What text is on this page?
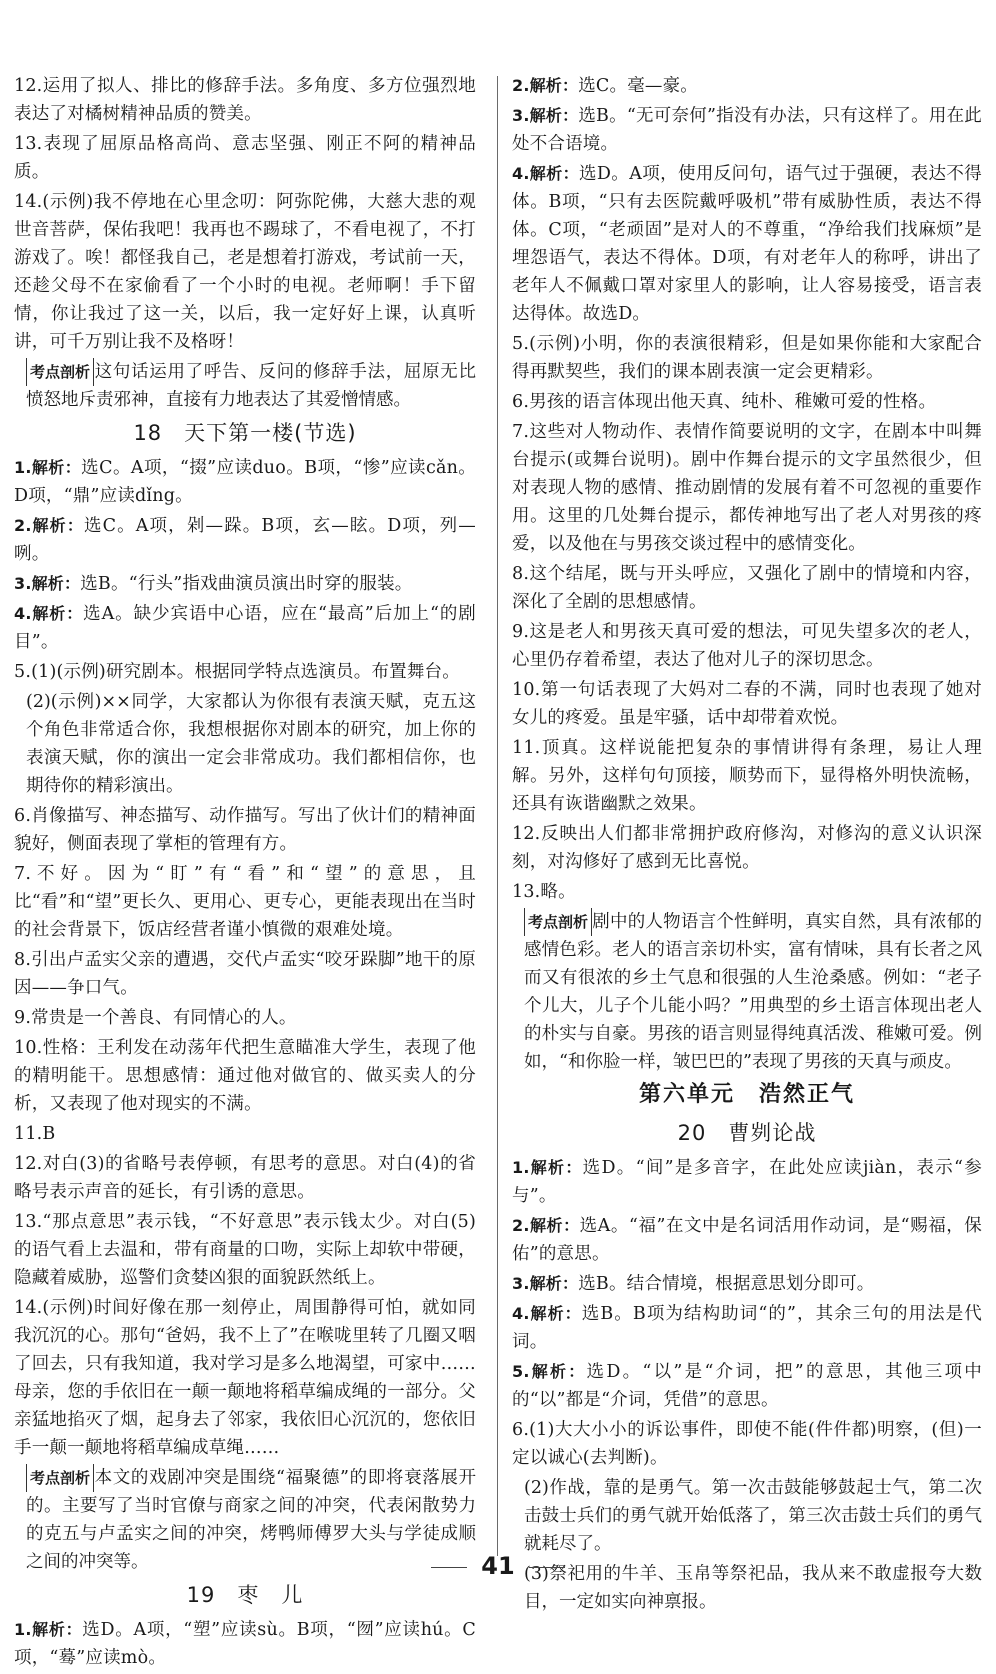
12.运用了拟人、排比的修辞手法。多角度、多方位强烈地表达了对橘树精神品质的赞美。

13.表现了屈原品格高尚、意志坚强、刚正不阿的精神品质。

14.(示例)我不停地在心里念叨：阿弥陀佛，大慈大悲的观世音菩萨，保佑我吧！我再也不踢球了，不看电视了，不打游戏了。唉！都怪我自己，老是想着打游戏，考试前一天，还趁父母不在家偷看了一个小时的电视。老师啊！手下留情，你让我过了这一关，以后，我一定好好上课，认真听讲，可千万别让我不及格呀！

考点剖析 这句话运用了呼告、反问的修辞手法，屈原无比愤怒地斥责邪神，直接有力地表达了其爱憎情感。

18　天下第一楼(节选)

1.解析：选C。A项，“掇”应读duo。B项，“惨”应读cǎn。D项，“鼎”应读dǐng。

2.解析：选C。A项，剁—跺。B项，玄—眩。D项，列—咧。

3.解析：选B。“行头”指戏曲演员演出时穿的服装。

4.解析：选A。缺少宾语中心语，应在“最高”后加上“的剧目”。

5.(1)(示例)研究剧本。根据同学特点选演员。布置舞台。

(2)(示例)××同学，大家都认为你很有表演天赋，克五这个角色非常适合你，我想根据你对剧本的研究，加上你的表演天赋，你的演出一定会非常成功。我们都相信你，也期待你的精彩演出。

6.肖像描写、神态描写、动作描写。写出了伙计们的精神面貌好，侧面表现了掌柜的管理有方。

7.不好。因为“盯”有“看”和“望”的意思，且比“看”和“望”更长久、更用心、更专心，更能表现出在当时的社会背景下，饭店经营者谨小慎微的艰难处境。

8.引出卢孟实父亲的遭遇，交代卢孟实“咬牙跺脚”地干的原因——争口气。

9.常贵是一个善良、有同情心的人。

10.性格：王利发在动荡年代把生意瞄准大学生，表现了他的精明能干。思想感情：通过他对做官的、做买卖人的分析，又表现了他对现实的不满。

11.B

12.对白(3)的省略号表停顿，有思考的意思。对白(4)的省略号表示声音的延长，有引诱的意思。

13.“那点意思”表示钱，“不好意思”表示钱太少。对白(5)的语气看上去温和，带有商量的口吻，实际上却软中带硬，隐藏着威胁，巡警们贪婪凶狠的面貌跃然纸上。

14.(示例)时间好像在那一刻停止，周围静得可怕，就如同我沉沉的心。那句“爸妈，我不上了”在喉咙里转了几圈又咽了回去，只有我知道，我对学习是多么地渴望，可家中……母亲，您的手依旧在一颠一颠地将稻草编成绳的一部分。父亲猛地掐灭了烟，起身去了邻家，我依旧心沉沉的，您依旧手一颠一颠地将稻草编成草绳……

考点剖析 本文的戏剧冲突是围绕“福聚德”的即将衰落展开的。主要写了当时官僚与商家之间的冲突，代表闲散势力的克五与卢孟实之间的冲突，烤鸭师傅罗大头与学徒成顺之间的冲突等。

19　枣　儿

1.解析：选D。A项，“塑”应读sù。B项，“囫”应读hú。C项，“蓦”应读mò。

2.解析：选C。毫—豪。

3.解析：选B。“无可奈何”指没有办法，只有这样了。用在此处不合语境。

4.解析：选D。A项，使用反问句，语气过于强硬，表达不得体。B项，“只有去医院戴呼吸机”带有威胁性质，表达不得体。C项，“老顽固”是对人的不尊重，“净给我们找麻烦”是埋怨语气，表达不得体。D项，有对老年人的称呼，讲出了老年人不佩戴口罩对家里人的影响，让人容易接受，语言表达得体。故选D。

5.(示例)小明，你的表演很精彩，但是如果你能和大家配合得再默契些，我们的课本剧表演一定会更精彩。

6.男孩的语言体现出他天真、纯朴、稚嫩可爱的性格。

7.这些对人物动作、表情作简要说明的文字，在剧本中叫舞台提示(或舞台说明)。剧中作舞台提示的文字虽然很少，但对表现人物的感情、推动剧情的发展有着不可忽视的重要作用。这里的几处舞台提示，都传神地写出了老人对男孩的疼爱，以及他在与男孩交谈过程中的感情变化。

8.这个结尾，既与开头呼应，又强化了剧中的情境和内容，深化了全剧的思想感情。

9.这是老人和男孩天真可爱的想法，可见失望多次的老人，心里仍存着希望，表达了他对儿子的深切思念。

10.第一句话表现了大妈对二春的不满，同时也表现了她对女儿的疼爱。虽是牢骚，话中却带着欢悦。

11.顶真。这样说能把复杂的事情讲得有条理，易让人理解。另外，这样句句顶接，顺势而下，显得格外明快流畅，还具有诙谐幽默之效果。

12.反映出人们都非常拥护政府修沟，对修沟的意义认识深刻，对沟修好了感到无比喜悦。

13.略。

考点剖析 剧中的人物语言个性鲜明，真实自然，具有浓郁的感情色彩。老人的语言亲切朴实，富有情味，具有长者之风而又有很浓的乡土气息和很强的人生沧桑感。例如：“老子个儿大，儿子个儿能小吗？”用典型的乡土语言体现出老人的朴实与自豪。男孩的语言则显得纯真活泼、稚嫩可爱。例如，“和你脸一样，皱巴巴的”表现了男孩的天真与顽皮。

第六单元　浩然正气
20　曹刿论战

1.解析：选D。“间”是多音字，在此处应读jiàn，表示“参与”。

2.解析：选A。“福”在文中是名词活用作动词，是“赐福，保佑”的意思。

3.解析：选B。结合情境，根据意思划分即可。

4.解析：选B。B项为结构助词“的”，其余三句的用法是代词。

5.解析：选D。“以”是“介词，把”的意思，其他三项中的“以”都是“介词，凭借”的意思。

6.(1)大大小小的诉讼事件，即使不能(件件都)明察，(但)一定以诚心(去判断)。

(2)作战，靠的是勇气。第一次击鼓能够鼓起士气，第二次击鼓士兵们的勇气就开始低落了，第三次击鼓士兵们的勇气就耗尽了。

(3)祭祀用的牛羊、玉帛等祭祀品，我从来不敢虚报夸大数目，一定如实向神禀报。

41
